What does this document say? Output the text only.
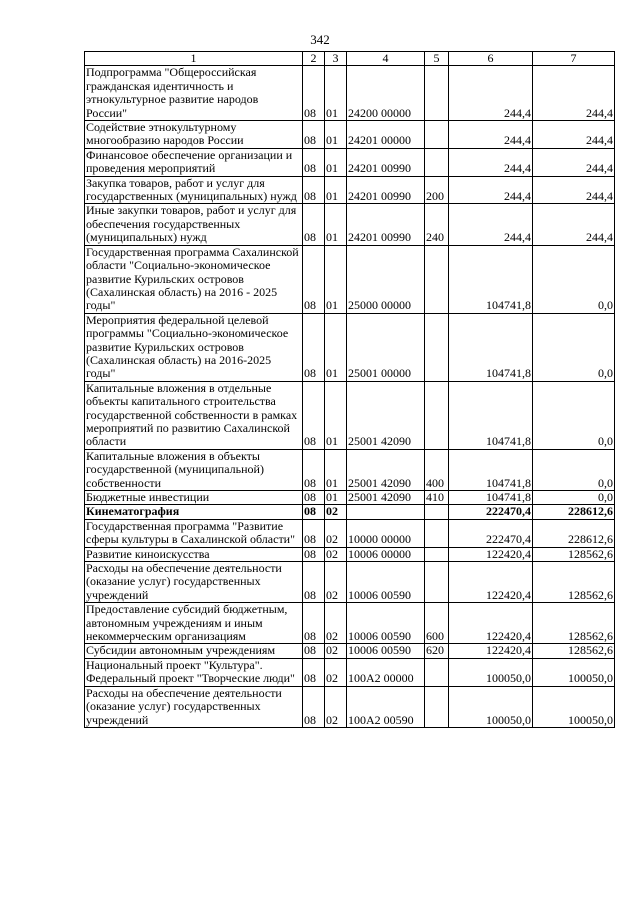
342
1	2	3	4	5	6	7
Подпрограмма "Общероссийская гражданская идентичность и этнокультурное развитие народов России"	08	01	24200 00000		244,4	244,4
Содействие этнокультурному многообразию народов России	08	01	24201 00000		244,4	244,4
Финансовое обеспечение организации и проведения мероприятий	08	01	24201 00990		244,4	244,4
Закупка товаров, работ и услуг для государственных (муниципальных) нужд	08	01	24201 00990	200	244,4	244,4
Иные закупки товаров, работ и услуг для обеспечения государственных (муниципальных) нужд	08	01	24201 00990	240	244,4	244,4
Государственная программа Сахалинской области "Социально-экономическое развитие Курильских островов (Сахалинская область) на 2016 - 2025 годы"	08	01	25000 00000		104741,8	0,0
Мероприятия федеральной целевой программы "Социально-экономическое развитие Курильских островов (Сахалинская область) на 2016-2025 годы"	08	01	25001 00000		104741,8	0,0
Капитальные вложения в отдельные объекты капитального строительства государственной собственности в рамках мероприятий по развитию Сахалинской области	08	01	25001 42090		104741,8	0,0
Капитальные вложения в объекты государственной (муниципальной) собственности	08	01	25001 42090	400	104741,8	0,0
Бюджетные инвестиции	08	01	25001 42090	410	104741,8	0,0
Кинематография	08	02			222470,4	228612,6
Государственная программа "Развитие сферы культуры в Сахалинской области"	08	02	10000 00000		222470,4	228612,6
Развитие киноискусства	08	02	10006 00000		122420,4	128562,6
Расходы на обеспечение деятельности (оказание услуг) государственных учреждений	08	02	10006 00590		122420,4	128562,6
Предоставление субсидий бюджетным, автономным учреждениям и иным некоммерческим организациям	08	02	10006 00590	600	122420,4	128562,6
Субсидии автономным учреждениям	08	02	10006 00590	620	122420,4	128562,6
Национальный проект "Культура". Федеральный проект "Творческие люди"	08	02	100A2 00000		100050,0	100050,0
Расходы на обеспечение деятельности (оказание услуг) государственных учреждений	08	02	100A2 00590		100050,0	100050,0
